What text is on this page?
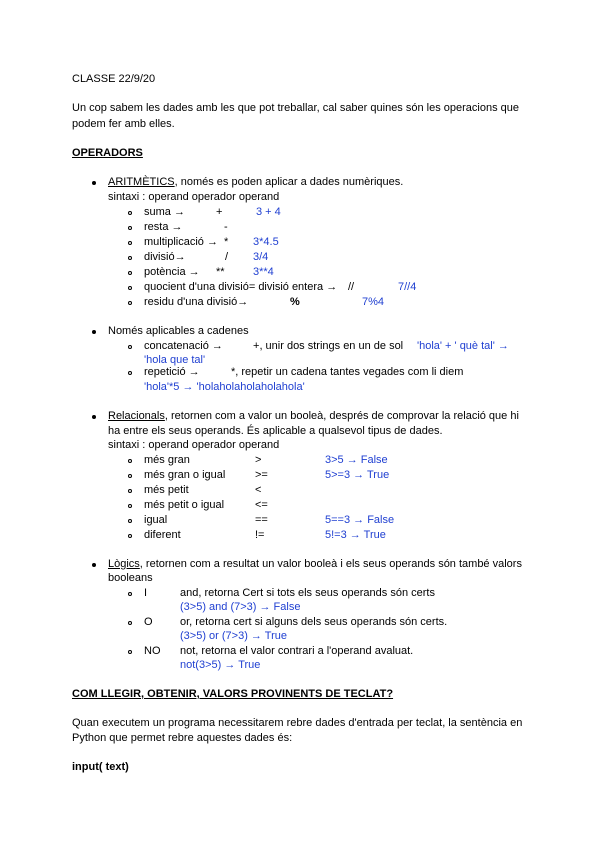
CLASSE 22/9/20
Un cop sabem les dades amb les que pot treballar, cal saber quines són les operacions que
podem fer amb elles.
OPERADORS
ARITMÈTICS, només es poden aplicar a dades numèriques.
sintaxi : operand operador operand
suma →	+	3 + 4
resta →	-
multiplicació → * 3*4.5
divisió→	/ 3/4
potència → **	3**4
quocient d'una divisió= divisió entera → //	7//4
residu d'una divisió→	%	7%4
Només aplicables a cadenes
concatenació →	+, unir dos strings en un de sol 'hola' + ' què tal' →
'hola que tal'
repetició →	*, repetir un cadena tantes vegades com li diem
'hola'*5 → 'holaholaholaholahola'
Relacionals, retornen com a valor un booleà, després de comprovar la relació que hi
ha entre els seus operands. És aplicable a qualsevol tipus de dades.
sintaxi : operand operador operand
més gran	>	3>5 → False
més gran o igual	>=	5>=3 → True
més petit	<
més petit o igual	<=
igual	==	5==3 → False
diferent	!=	5!=3 → True
Lògics, retornen com a resultat un valor booleà i els seus operands són també valors
booleans
I	and, retorna Cert si tots els seus operands són certs
(3>5) and (7>3) → False
O or, retorna cert si alguns dels seus operands són certs.
(3>5) or (7>3) → True
NO not, retorna el valor contrari a l'operand avaluat.
not(3>5) → True
COM LLEGIR, OBTENIR, VALORS PROVINENTS DE TECLAT?
Quan executem un programa necessitarem rebre dades d'entrada per teclat, la sentència en
Python que permet rebre aquestes dades és:
input( text)
